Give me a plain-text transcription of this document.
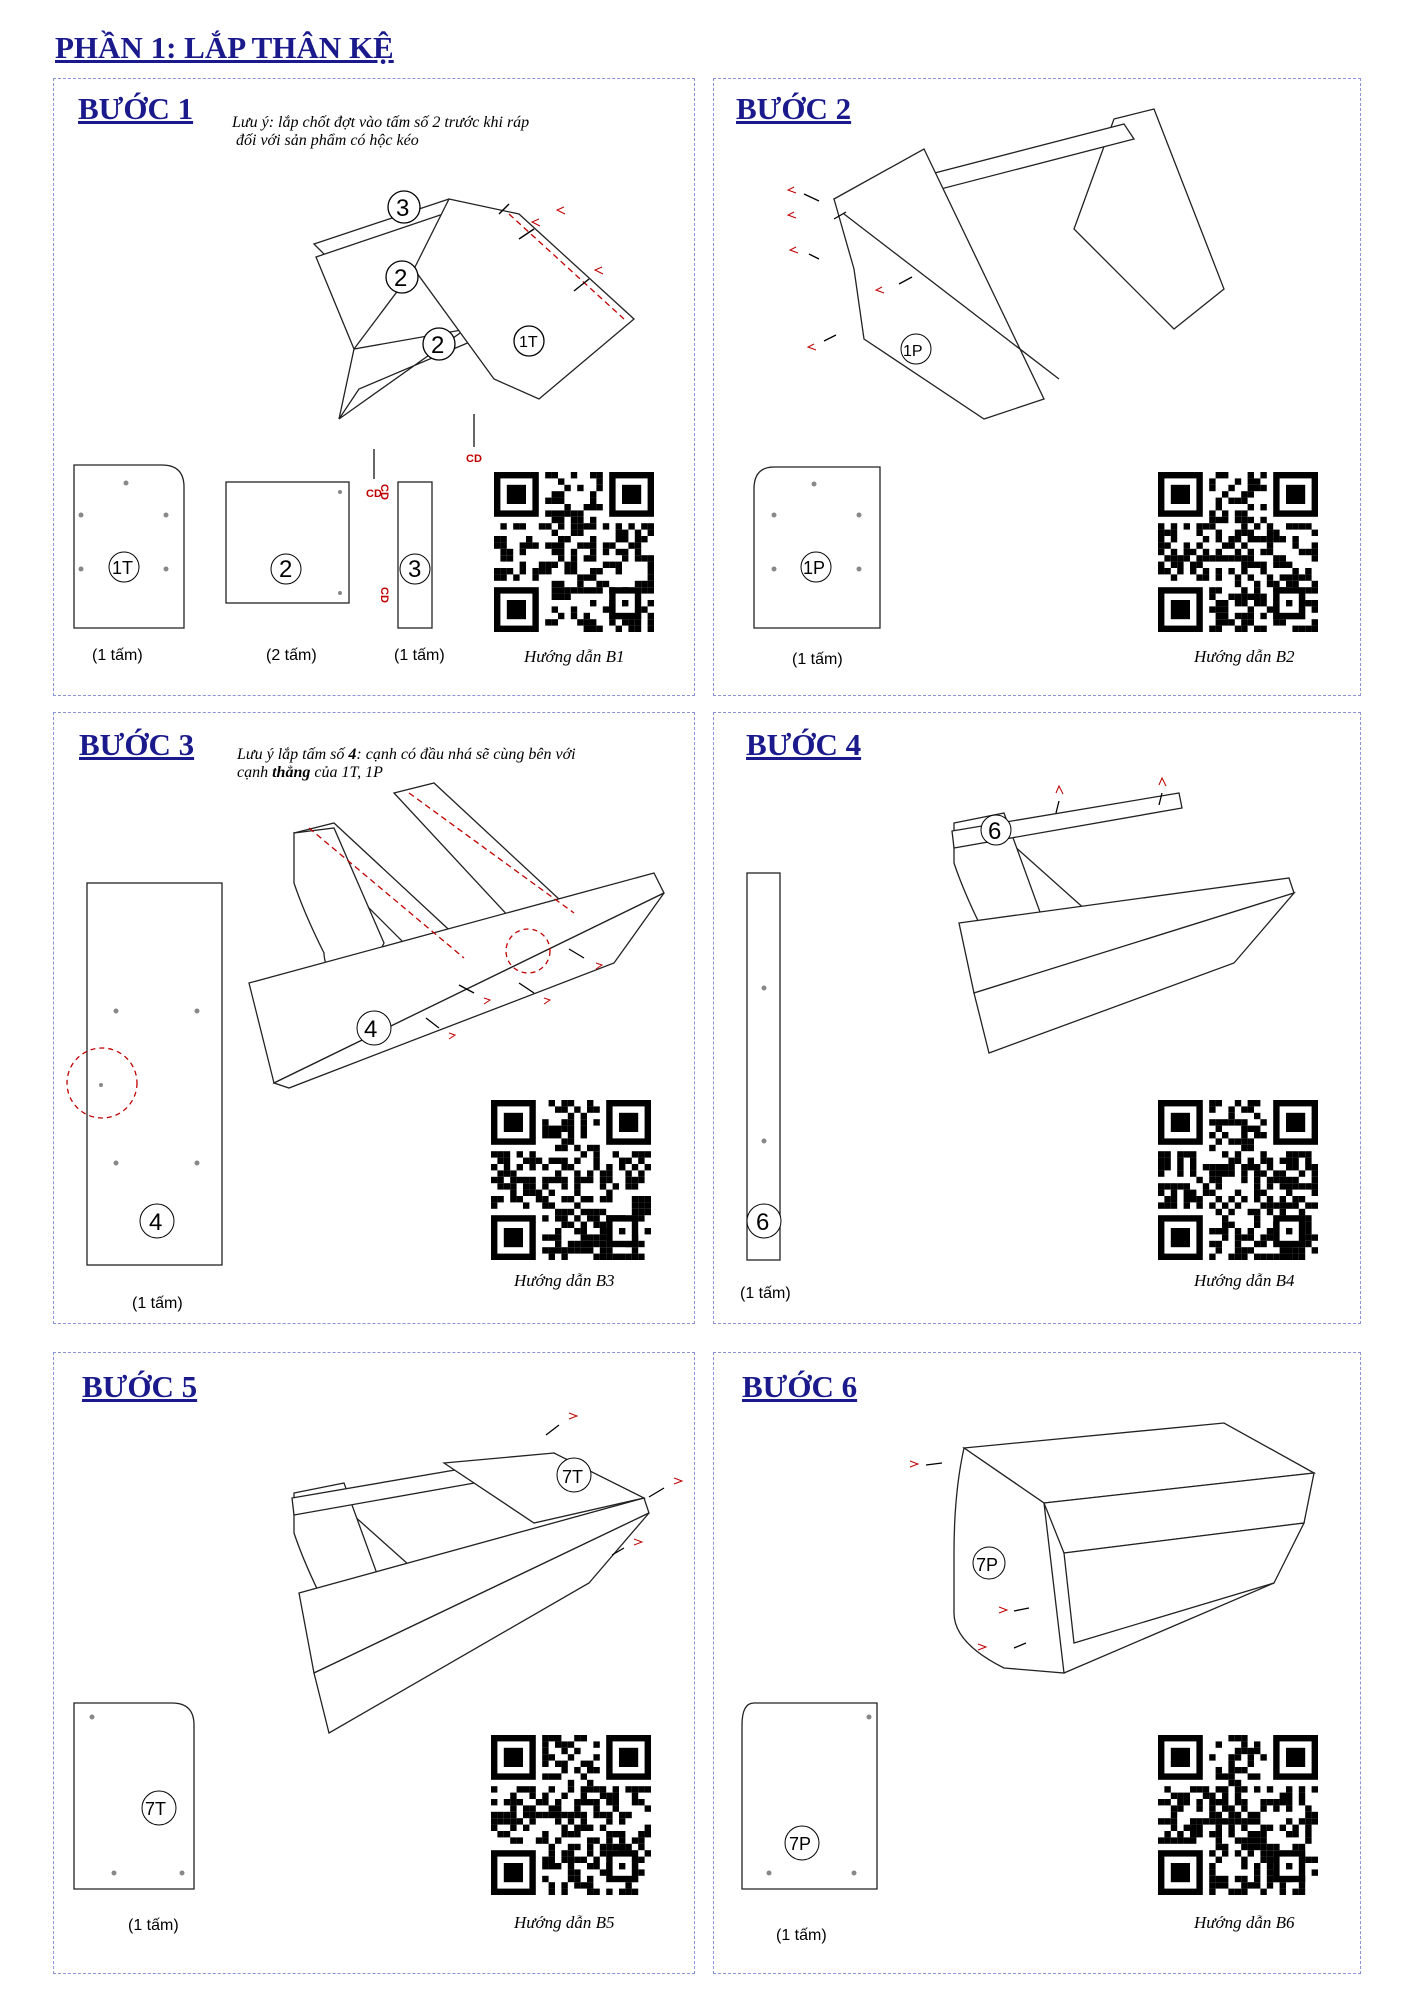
PHẦN 1: LẮP THÂN KỆ
BƯỚC 1 Lưu ý: lắp chốt đợt vào tấm số 2 trước khi ráp
đối với sản phẩm có hộc kéo
CD
CD
3
2
2	1T
1T	2	3
CD
CD
(1 tấm)	(2 tấm)	(1 tấm)	Hướng dẫn B1
BƯỚC 2
1P
1P
(1 tấm)	Hướng dẫn B2
BƯỚC 3	Lưu ý lắp tấm số 4: cạnh có đầu nhá sẽ cùng bên với
cạnh thẳng của 1T, 1P
4
4
(1 tấm)
Hướng dẫn B3
BƯỚC 4
6
6
(1 tấm)
Hướng dẫn B4
BƯỚC 5
7T
7T
(1 tấm)	Hướng dẫn B5
BƯỚC 6
7P
7P
(1 tấm)
Hướng dẫn B6
